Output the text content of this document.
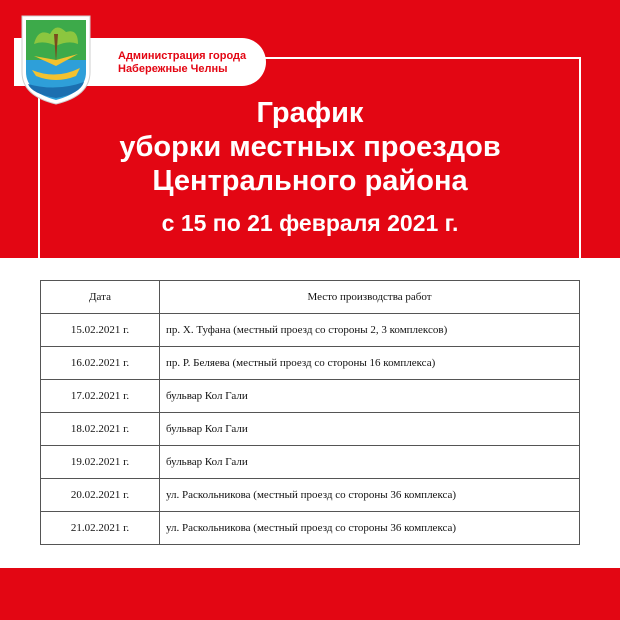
Администрация города
Набережные Челны
График
уборки местных проездов
Центрального района
с 15 по 21 февраля 2021 г.
Дата	Место производства работ
15.02.2021 г.	пр. Х. Туфана (местный проезд со стороны 2, 3 комплексов)
16.02.2021 г.	пр. Р. Беляева (местный проезд со стороны 16 комплекса)
17.02.2021 г.	бульвар Кол Гали
18.02.2021 г.	бульвар Кол Гали
19.02.2021 г.	бульвар Кол Гали
20.02.2021 г.	ул. Раскольникова (местный проезд со стороны 36 комплекса)
21.02.2021 г.	ул. Раскольникова (местный проезд со стороны 36 комплекса)
